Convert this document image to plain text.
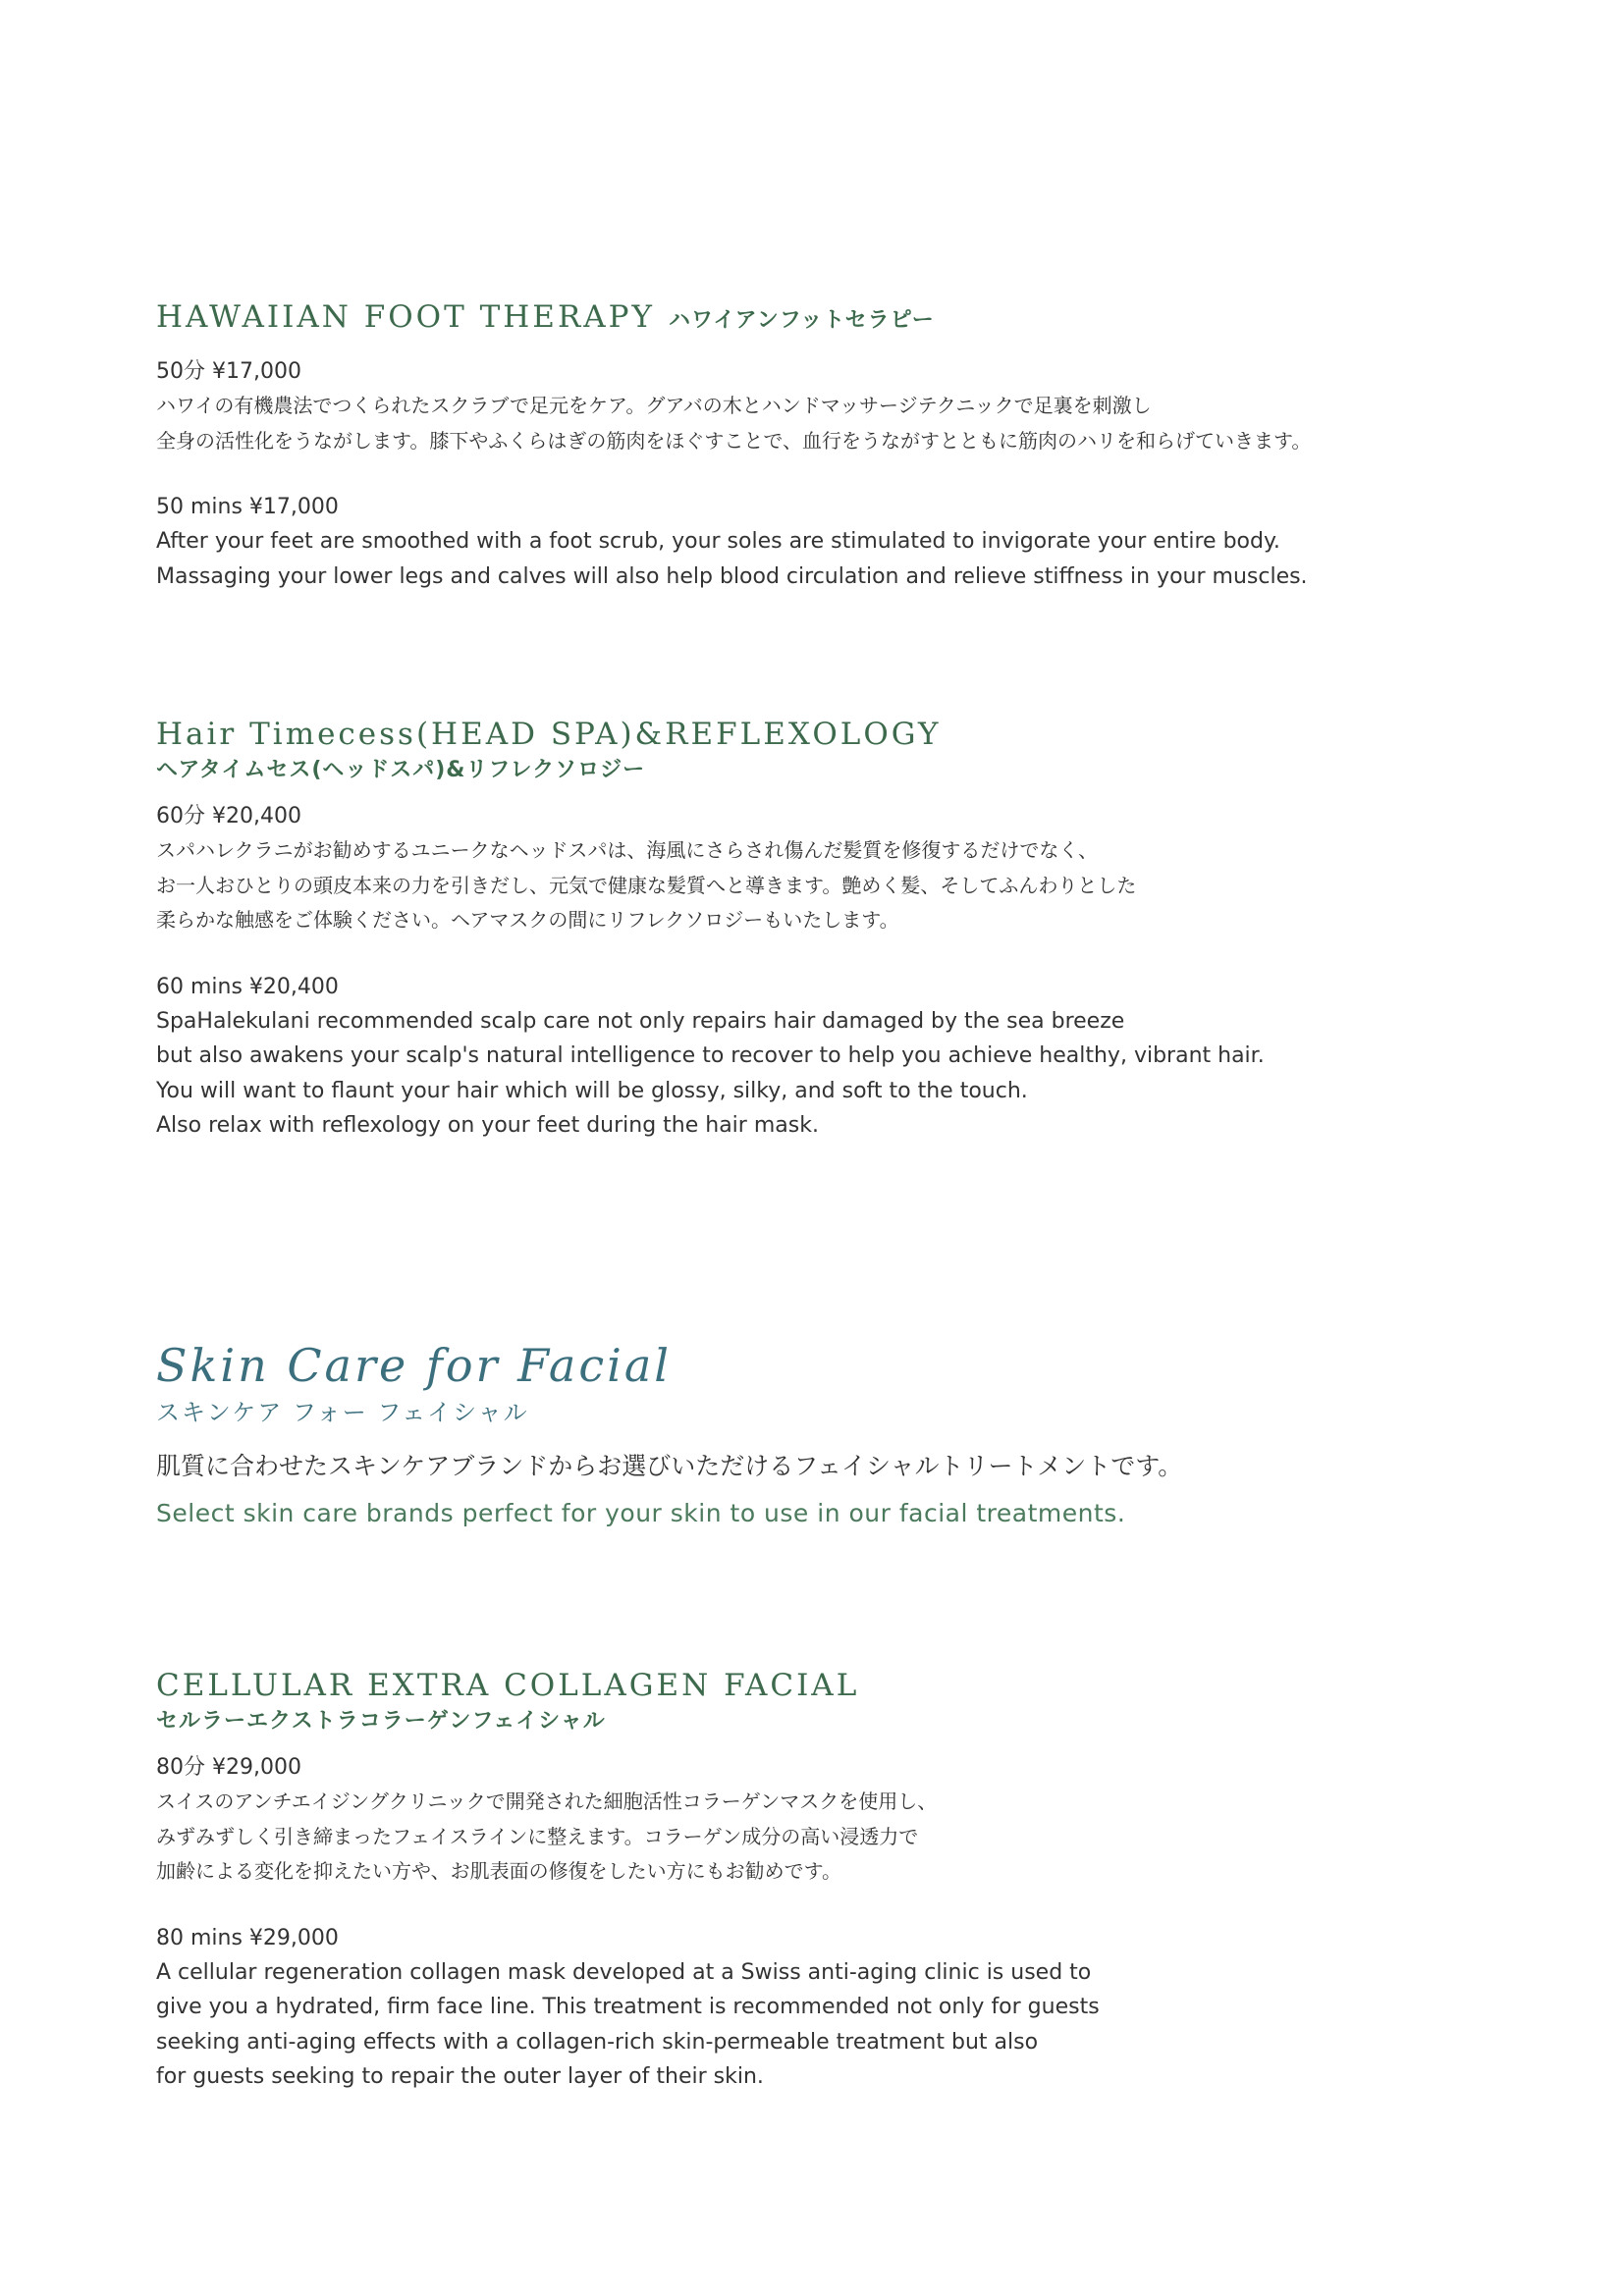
HAWAIIAN FOOT THERAPY ハワイアンフットセラピー
50分 ¥17,000
ハワイの有機農法でつくられたスクラブで足元をケア。グアバの木とハンドマッサージテクニックで足裏を刺激し
全身の活性化をうながします。膝下やふくらはぎの筋肉をほぐすことで、血行をうながすとともに筋肉のハリを和らげていきます。
50 mins ¥17,000
After your feet are smoothed with a foot scrub, your soles are stimulated to invigorate your entire body.
Massaging your lower legs and calves will also help blood circulation and relieve stiffness in your muscles.
Hair Timecess(HEAD SPA)&REFLEXOLOGY
ヘアタイムセス(ヘッドスパ)&リフレクソロジー
60分 ¥20,400
スパハレクラニがお勧めするユニークなヘッドスパは、海風にさらされ傷んだ髪質を修復するだけでなく、
お一人おひとりの頭皮本来の力を引きだし、元気で健康な髪質へと導きます。艶めく髪、そしてふんわりとした
柔らかな触感をご体験ください。ヘアマスクの間にリフレクソロジーもいたします。
60 mins ¥20,400
SpaHalekulani recommended scalp care not only repairs hair damaged by the sea breeze
but also awakens your scalp's natural intelligence to recover to help you achieve healthy, vibrant hair.
You will want to flaunt your hair which will be glossy, silky, and soft to the touch.
Also relax with reflexology on your feet during the hair mask.
Skin Care for Facial
スキンケア フォー フェイシャル
肌質に合わせたスキンケアブランドからお選びいただけるフェイシャルトリートメントです。
Select skin care brands perfect for your skin to use in our facial treatments.
CELLULAR EXTRA COLLAGEN FACIAL
セルラーエクストラコラーゲンフェイシャル
80分 ¥29,000
スイスのアンチエイジングクリニックで開発された細胞活性コラーゲンマスクを使用し、
みずみずしく引き締まったフェイスラインに整えます。コラーゲン成分の高い浸透力で
加齢による変化を抑えたい方や、お肌表面の修復をしたい方にもお勧めです。
80 mins ¥29,000
A cellular regeneration collagen mask developed at a Swiss anti-aging clinic is used to
give you a hydrated, firm face line. This treatment is recommended not only for guests
seeking anti-aging effects with a collagen-rich skin-permeable treatment but also
for guests seeking to repair the outer layer of their skin.
